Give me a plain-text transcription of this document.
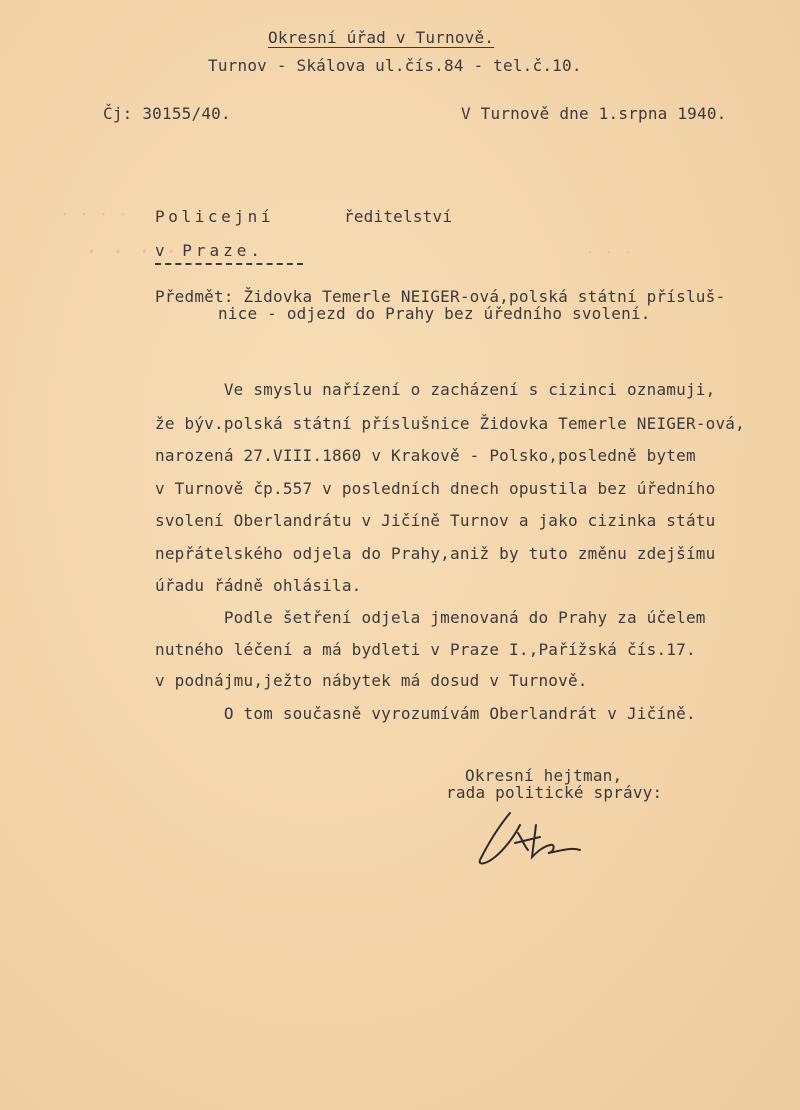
· · · ·
· · · ·	· · ·
Okresní úřad v Turnově.
Turnov - Skálova ul.čís.84 - tel.č.10.
Čj: 30155/40.	V Turnově dne 1.srpna 1940.
Policejní	ředitelství
v Praze.
Předmět: Židovka Temerle NEIGER-ová,polská státní přísluš-
nice - odjezd do Prahy bez úředního svolení.
Ve smyslu nařízení o zacházení s cizinci oznamuji,
že býv.polská státní příslušnice Židovka Temerle NEIGER-ová,
narozená 27.VIII.1860 v Krakově - Polsko,posledně bytem
v Turnově čp.557 v posledních dnech opustila bez úředního
svolení Oberlandrátu v Jičíně Turnov a jako cizinka státu
nepřátelského odjela do Prahy,aniž by tuto změnu zdejšímu
úřadu řádně ohlásila.
Podle šetření odjela jmenovaná do Prahy za účelem
nutného léčení a má bydleti v Praze I.,Pařížská čís.17.
v podnájmu,ježto nábytek má dosud v Turnově.
O tom současně vyrozumívám Oberlandrát v Jičíně.
Okresní hejtman,
rada politické správy:
